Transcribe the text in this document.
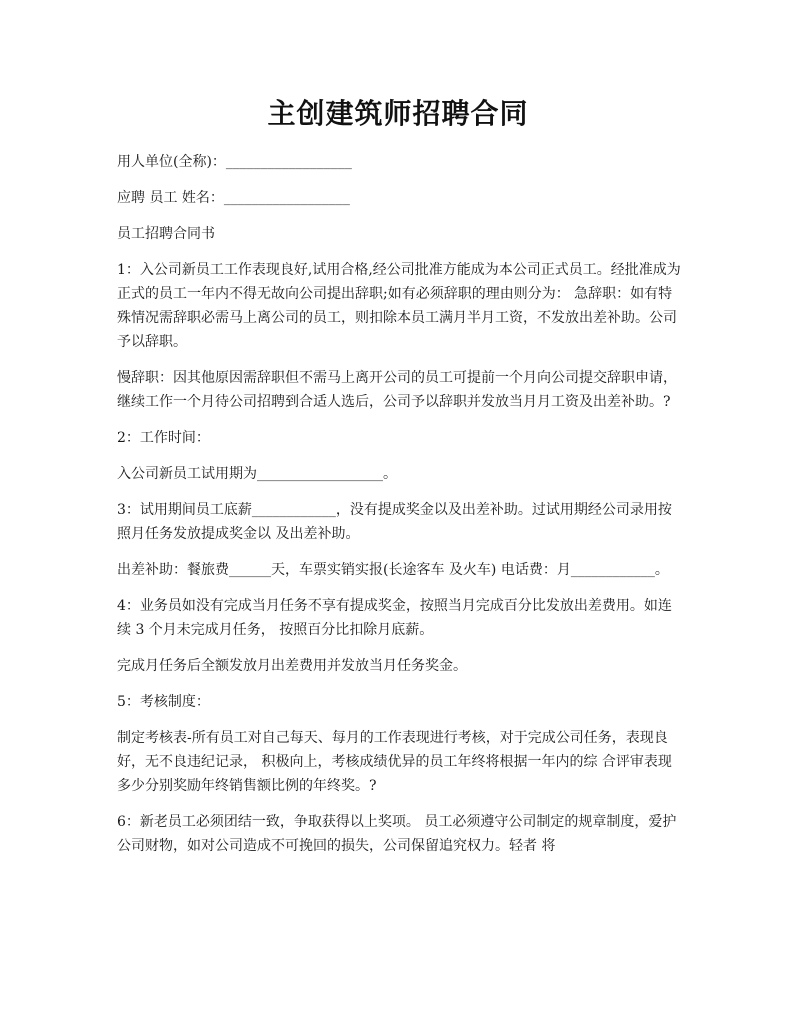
主创建筑师招聘合同

用人单位(全称)：__________________

应聘 员工 姓名：__________________

员工招聘合同书

1：入公司新员工工作表现良好,试用合格,经公司批准方能成为本公司正式员工。经批准成为正式的员工一年内不得无故向公司提出辞职;如有必须辞职的理由则分为： 急辞职：如有特殊情况需辞职必需马上离公司的员工，则扣除本员工满月半月工资，不发放出差补助。公司予以辞职。

慢辞职：因其他原因需辞职但不需马上离开公司的员工可提前一个月向公司提交辞职申请，继续工作一个月待公司招聘到合适人选后，公司予以辞职并发放当月月工资及出差补助。?

2：工作时间：

入公司新员工试用期为__________________。

3：试用期间员工底薪____________，没有提成奖金以及出差补助。过试用期经公司录用按照月任务发放提成奖金以 及出差补助。

出差补助：餐旅费______天，车票实销实报(长途客车 及火车) 电话费：月____________。

4：业务员如没有完成当月任务不享有提成奖金，按照当月完成百分比发放出差费用。如连续 3 个月未完成月任务， 按照百分比扣除月底薪。

完成月任务后全额发放月出差费用并发放当月任务奖金。

5：考核制度：

制定考核表-所有员工对自己每天、每月的工作表现进行考核，对于完成公司任务，表现良好，无不良违纪记录， 积极向上，考核成绩优异的员工年终将根据一年内的综 合评审表现多少分别奖励年终销售额比例的年终奖。?

6：新老员工必须团结一致，争取获得以上奖项。 员工必须遵守公司制定的规章制度，爱护公司财物，如对公司造成不可挽回的损失，公司保留追究权力。轻者 将
